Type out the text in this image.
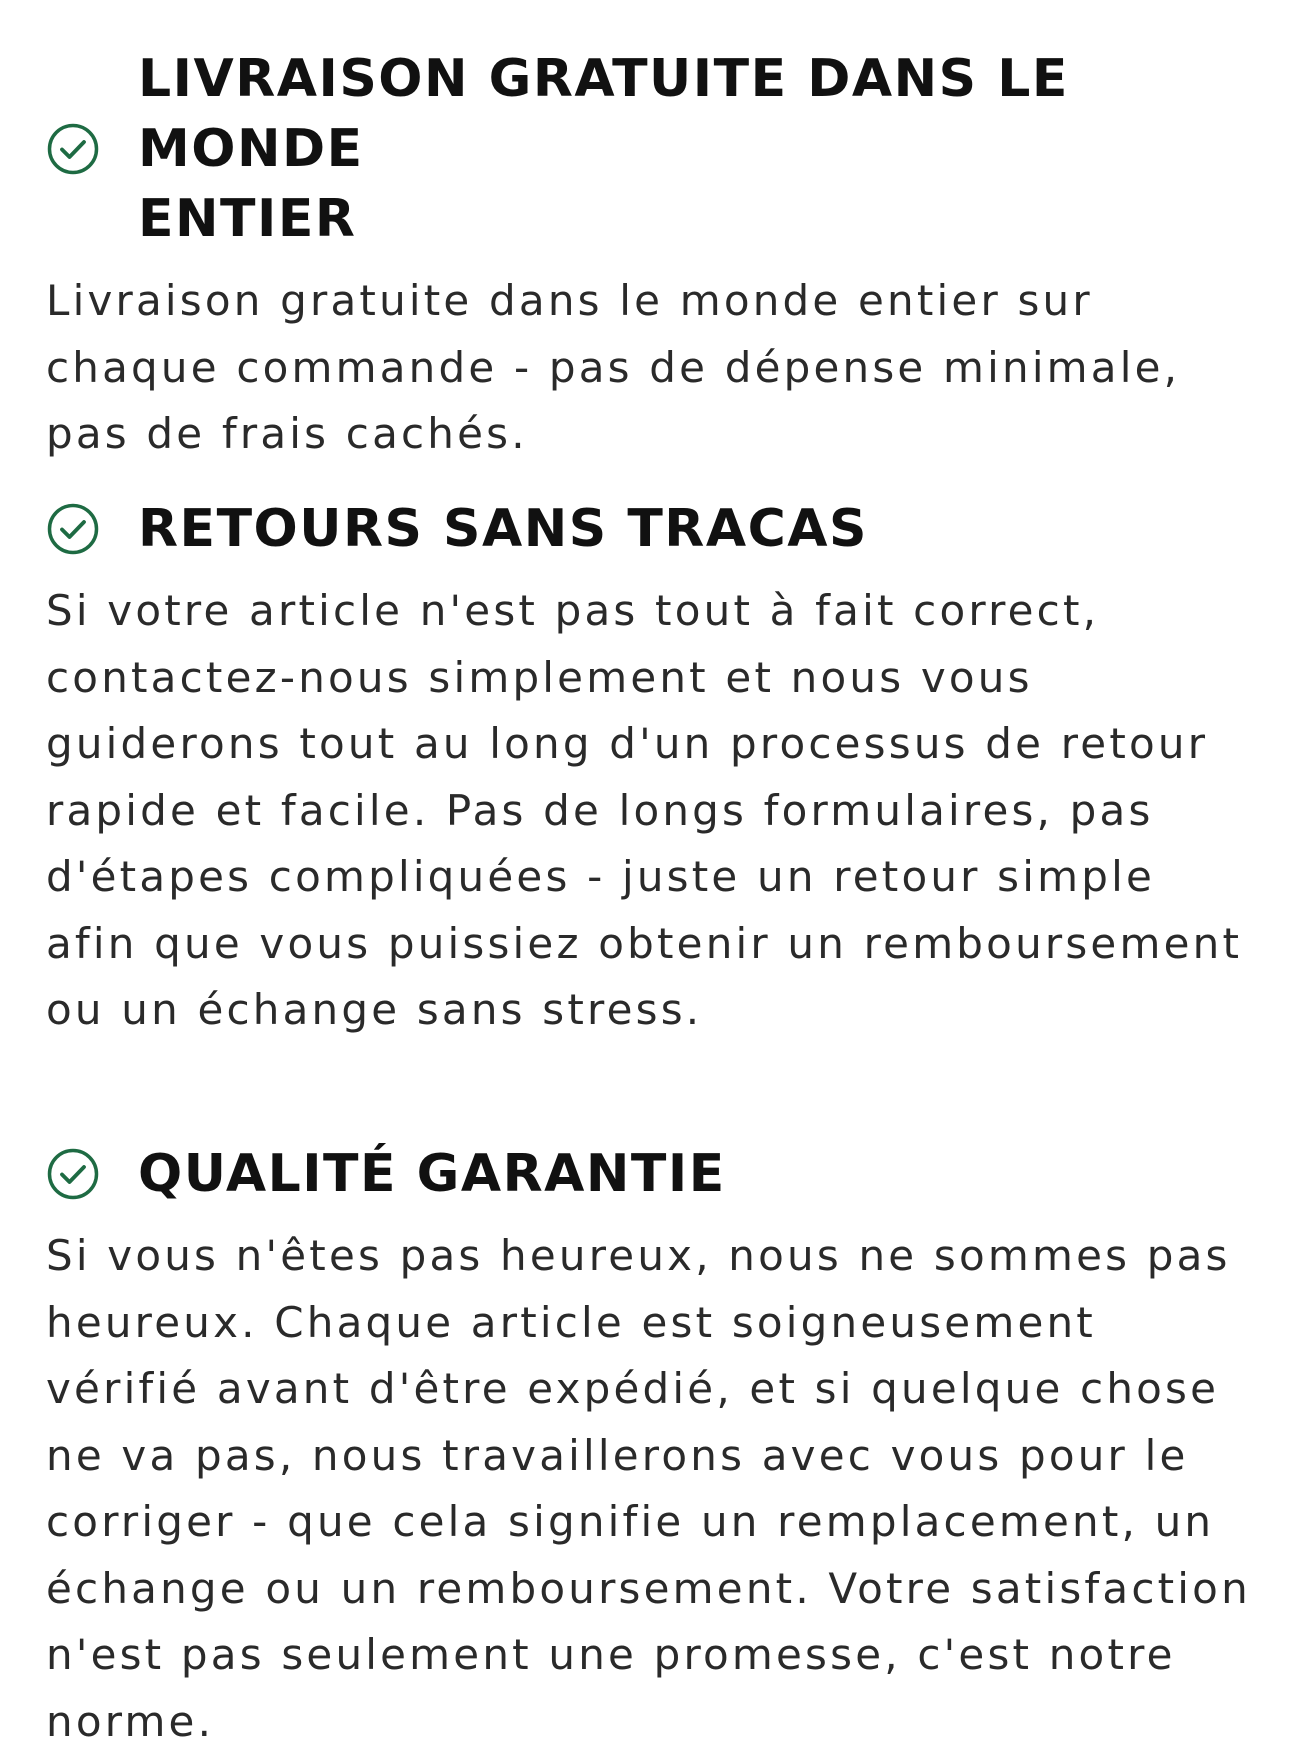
LIVRAISON GRATUITE DANS LE MONDE
ENTIER

Livraison gratuite dans le monde entier sur chaque commande - pas de dépense minimale, pas de frais cachés.

RETOURS SANS TRACAS

Si votre article n'est pas tout à fait correct, contactez-nous simplement et nous vous guiderons tout au long d'un processus de retour rapide et facile. Pas de longs formulaires, pas d'étapes compliquées - juste un retour simple afin que vous puissiez obtenir un remboursement ou un échange sans stress.

QUALITÉ GARANTIE

Si vous n'êtes pas heureux, nous ne sommes pas heureux. Chaque article est soigneusement vérifié avant d'être expédié, et si quelque chose ne va pas, nous travaillerons avec vous pour le corriger - que cela signifie un remplacement, un échange ou un remboursement. Votre satisfaction n'est pas seulement une promesse, c'est notre norme.
